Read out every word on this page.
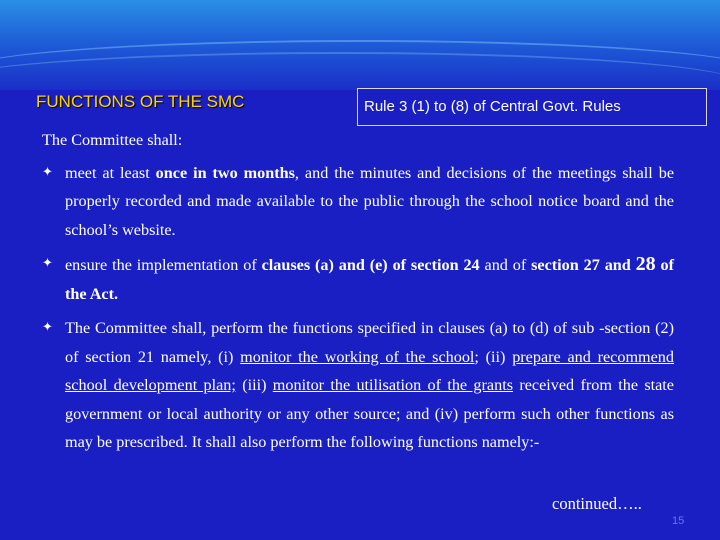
FUNCTIONS OF THE SMC	Rule 3 (1) to (8) of Central Govt. Rules

The Committee shall:

✦ meet at least once in two months, and the minutes and decisions of the meetings shall be properly recorded and made available to the public through the school notice board and the school’s website.

✦ ensure the implementation of clauses (a) and (e) of section 24 and of section 27 and 28 of the Act.

✦ The Committee shall, perform the functions specified in clauses (a) to (d) of sub -section (2) of section 21 namely, (i) monitor the working of the school; (ii) prepare and recommend school development plan; (iii) monitor the utilisation of the grants received from the state government or local authority or any other source; and (iv) perform such other functions as may be prescribed. It shall also perform the following functions namely:-

continued…..
15
